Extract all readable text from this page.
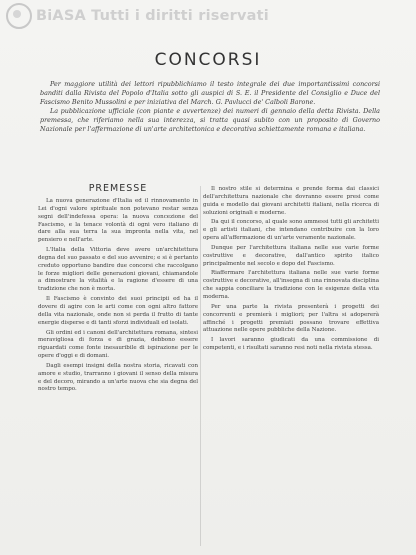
BiASA Tutti i diritti riservati
CONCORSI

Per maggiore utilità dei lettori ripubblichiamo il testo integrale dei due importantissimi concorsi banditi dalla Rivista del Popolo d'Italia sotto gli auspici di S. E. il Presidente del Consiglio e Duce del Fascismo Benito Mussolini e per iniziativa del March. G. Pavlucci de' Calboli Barone.

La pubblicazione ufficiale (con piante e avvertenze) dei numeri di gennaio della detta Rivista. Della premessa, che riferiamo nella sua interezza, si tratta quasi subito con un proposito di Governo Nazionale per l'affermazione di un'arte architettonica e decorativa schiettamente romana e italiana.

PREMESSE

La nuova generazione d'Italia ed il rinnovamento in Lei d'ogni valore spirituale non potevano restar senza segni dell'indefessa opera: la nuova concezione del Fascismo, e la tenace volontà di ogni vero italiano di dare alla sua terra la sua impronta nella vita, nel pensiero e nell'arte.

L'Italia della Vittoria deve avere un'architettura degna del suo passato e del suo avvenire; e si è pertanto creduto opportuno bandire due concorsi che raccolgano le forze migliori delle generazioni giovani, chiamandole a dimostrare la vitalità e la ragione d'essere di una tradizione che non è morta.

Il Fascismo è convinto dei suoi principii ed ha il dovere di agire con le arti come con ogni altro fattore della vita nazionale, onde non si perda il frutto di tante energie disperse e di tanti sforzi individuali ed isolati.

Gli ordini ed i canoni dell'architettura romana, sintesi meravigliosa di forza e di grazia, debbono essere riguardati come fonte inesauribile di ispirazione per le opere d'oggi e di domani.

Dagli esempi insigni della nostra storia, ricavati con amore e studio, trarranno i giovani il senso della misura e del decoro, mirando a un'arte nuova che sia degna del nostro tempo.

Il nostro stile si determina e prende forma dai classici dell'architettura nazionale che dovranno essere presi come guida e modello dai giovani architetti italiani, nella ricerca di soluzioni originali e moderne.

Da qui il concorso, al quale sono ammessi tutti gli architetti e gli artisti italiani, che intendano contribuire con la loro opera all'affermazione di un'arte veramente nazionale.

Dunque per l'architettura italiana nelle sue varie forme costruttive e decorative, dall'antico spirito italico principalmente nel secolo e dopo del Fascismo.

Riaffermare l'architettura italiana nelle sue varie forme costruttive e decorative, all'insegna di una rinnovata disciplina che sappia conciliare la tradizione con le esigenze della vita moderna.

Per una parte la rivista presenterà i progetti dei concorrenti e premierà i migliori; per l'altra si adopererà affinché i progetti premiati possano trovare effettiva attuazione nelle opere pubbliche della Nazione.

I lavori saranno giudicati da una commissione di competenti, e i risultati saranno resi noti nella rivista stessa.
